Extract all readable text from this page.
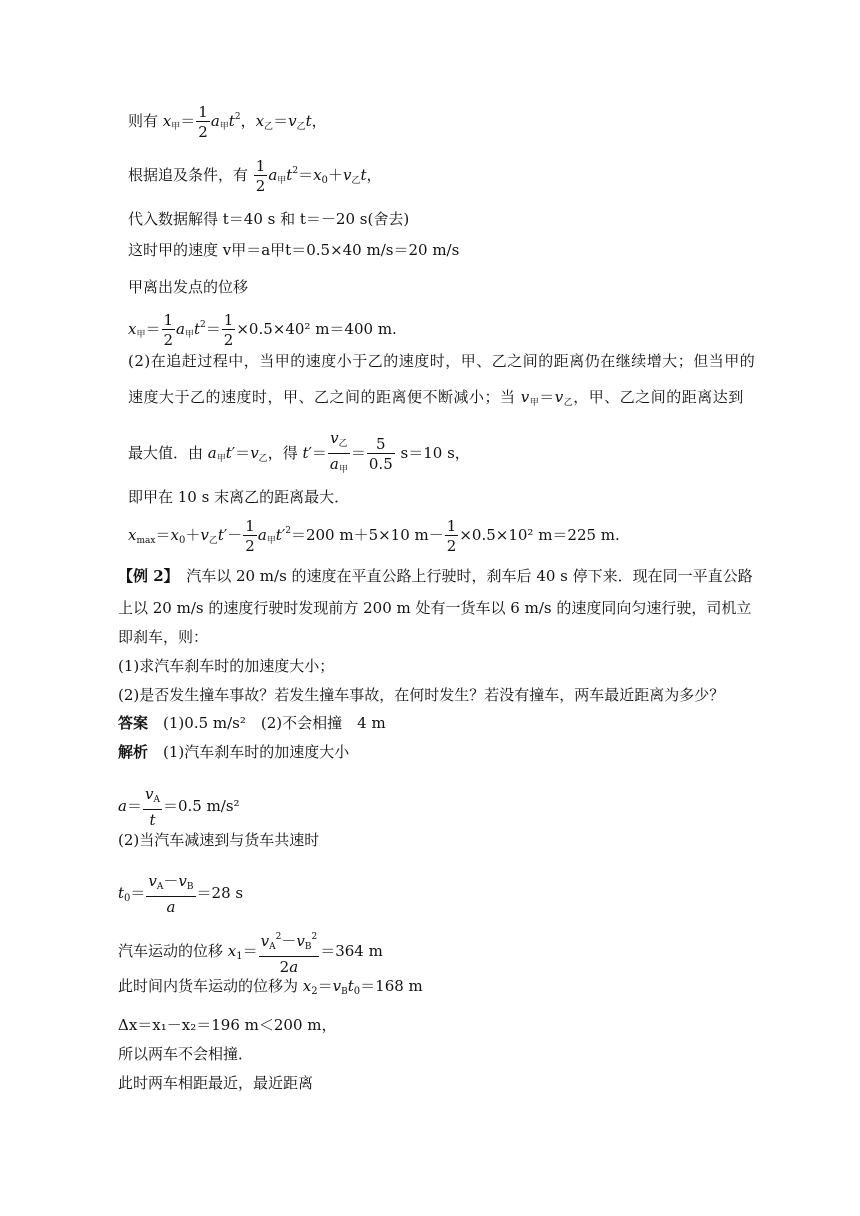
则有 $x_甲= \frac{1}{2} a_甲t^2$，$x_乙=v_乙t$，
根据追及条件，有 $\frac{1}{2} a_甲t^2=x_0+v_乙t$，
代入数据解得 t＝40 s 和 t＝－20 s(舍去)
这时甲的速度 v甲＝a甲t＝0.5×40 m/s＝20 m/s
甲离出发点的位移
$x_甲= \frac{1}{2} a_甲t^2= \frac{1}{2} \times 0.5\times 40^2$ m＝400 m.
(2)在追赶过程中，当甲的速度小于乙的速度时，甲、乙之间的距离仍在继续增大；但当甲的
速度大于乙的速度时，甲、乙之间的距离便不断减小；当 $v_甲=v_乙$，甲、乙之间的距离达到
最大值．由 $a_甲t'=v_乙$，得 $t'= \frac{v_乙}{a_甲} = \frac{5}{0.5} s=10$ s，
即甲在 10 s 末离乙的距离最大．
$x_{max}=x_0+v_乙t'- \frac{1}{2} a_甲t'^2=200$ m＋5×10 $m- \frac{1}{2} \times 0.5\times 10^2$ m＝225 m.
【例 2】　 汽车以 20 m/s 的速度在平直公路上行驶时，刹车后 40 s 停下来．现在同一平直公路
上以 20 m/s 的速度行驶时发现前方 200 m 处有一货车以 6 m/s 的速度同向匀速行驶，司机立
即刹车，则：
(1)求汽车刹车时的加速度大小；
(2)是否发生撞车事故？若发生撞车事故，在何时发生？若没有撞车，两车最近距离为多少？
答案　 (1)0.5 m/s²　(2)不会相撞　4 m
解析　 (1)汽车刹车时的加速度大小
$a= \frac{v_A}{t} =0.5$ m/s²
(2)当汽车减速到与货车共速时
$t_0= \frac{v_A-v_B}{a} =28$ s
汽车运动的位移 $x_1= \frac{v_A^2-v_B^2}{2a} =364$ m
此时间内货车运动的位移为 $x_2=v_Bt_0=168$ m
Δx＝x₁－x₂＝196 m＜200 m，
所以两车不会相撞．
此时两车相距最近，最近距离
